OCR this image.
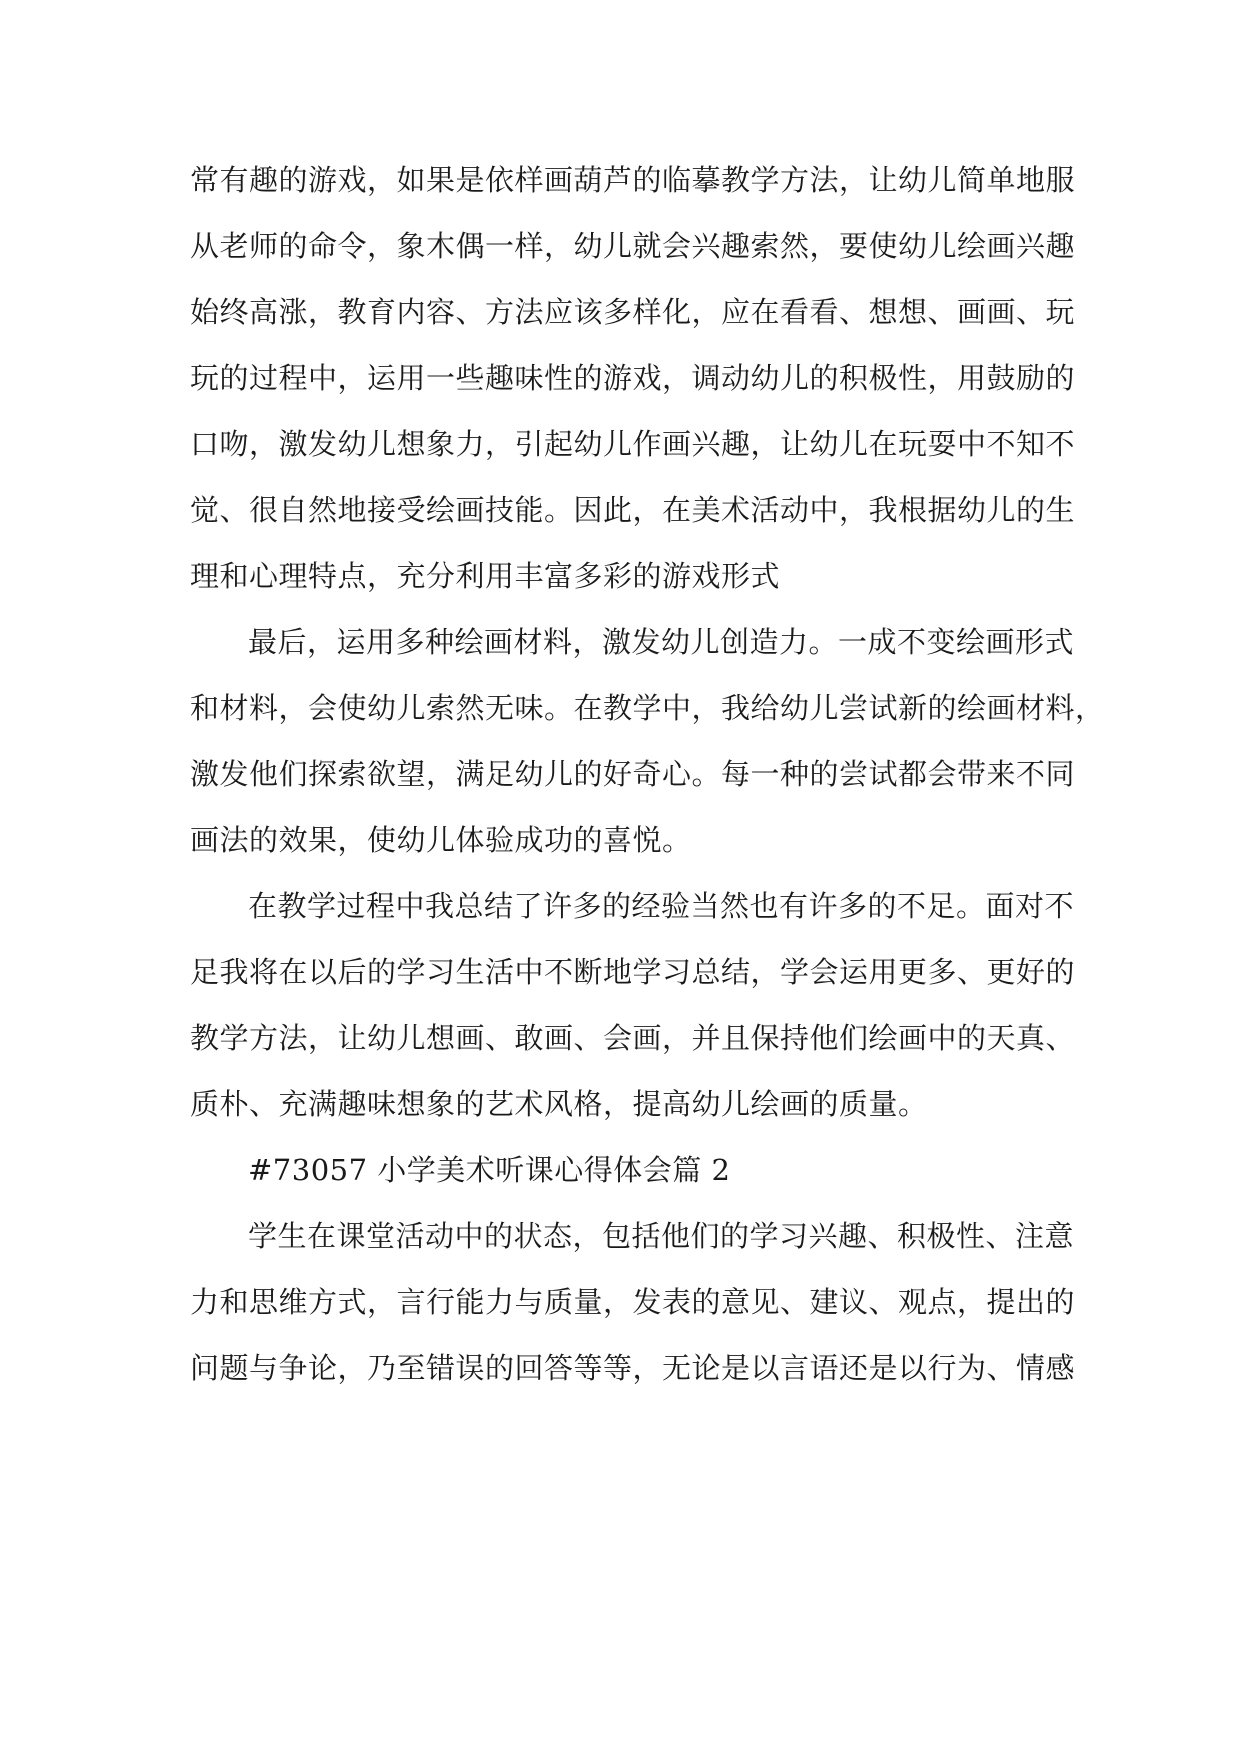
常有趣的游戏，如果是依样画葫芦的临摹教学方法，让幼儿简单地服
从老师的命令，象木偶一样，幼儿就会兴趣索然，要使幼儿绘画兴趣
始终高涨，教育内容、方法应该多样化，应在看看、想想、画画、玩
玩的过程中，运用一些趣味性的游戏，调动幼儿的积极性，用鼓励的
口吻，激发幼儿想象力，引起幼儿作画兴趣，让幼儿在玩耍中不知不
觉、很自然地接受绘画技能。因此，在美术活动中，我根据幼儿的生
理和心理特点，充分利用丰富多彩的游戏形式
最后，运用多种绘画材料，激发幼儿创造力。一成不变绘画形式
和材料，会使幼儿索然无味。在教学中，我给幼儿尝试新的绘画材料，
激发他们探索欲望，满足幼儿的好奇心。每一种的尝试都会带来不同
画法的效果，使幼儿体验成功的喜悦。
在教学过程中我总结了许多的经验当然也有许多的不足。面对不
足我将在以后的学习生活中不断地学习总结，学会运用更多、更好的
教学方法，让幼儿想画、敢画、会画，并且保持他们绘画中的天真、
质朴、充满趣味想象的艺术风格，提高幼儿绘画的质量。
#73057 小学美术听课心得体会篇 2
学生在课堂活动中的状态，包括他们的学习兴趣、积极性、注意
力和思维方式，言行能力与质量，发表的意见、建议、观点，提出的
问题与争论，乃至错误的回答等等，无论是以言语还是以行为、情感
